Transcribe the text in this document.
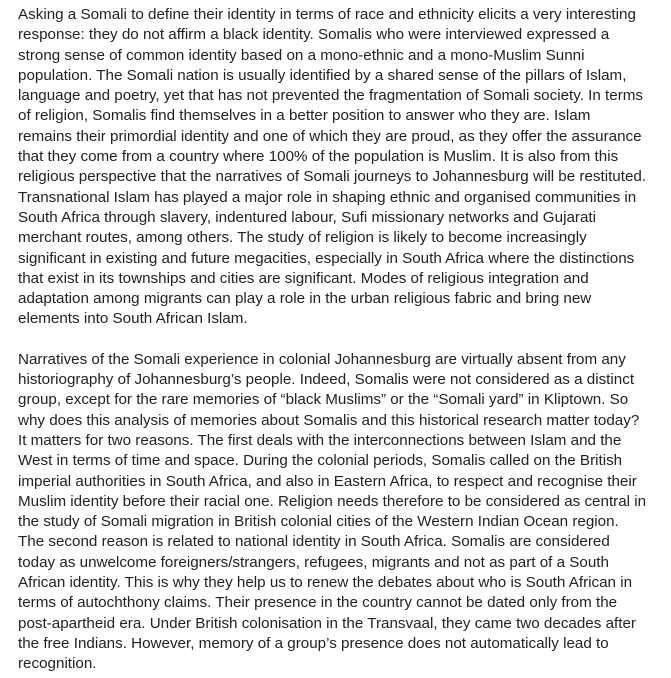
Asking a Somali to define their identity in terms of race and ethnicity elicits a very interesting response: they do not affirm a black identity. Somalis who were interviewed expressed a strong sense of common identity based on a mono-ethnic and a mono-Muslim Sunni population. The Somali nation is usually identified by a shared sense of the pillars of Islam, language and poetry, yet that has not prevented the fragmentation of Somali society. In terms of religion, Somalis find themselves in a better position to answer who they are. Islam remains their primordial identity and one of which they are proud, as they offer the assurance that they come from a country where 100% of the population is Muslim. It is also from this religious perspective that the narratives of Somali journeys to Johannesburg will be restituted. Transnational Islam has played a major role in shaping ethnic and organised communities in South Africa through slavery, indentured labour, Sufi missionary networks and Gujarati merchant routes, among others. The study of religion is likely to become increasingly significant in existing and future megacities, especially in South Africa where the distinctions that exist in its townships and cities are significant. Modes of religious integration and adaptation among migrants can play a role in the urban religious fabric and bring new elements into South African Islam.

Narratives of the Somali experience in colonial Johannesburg are virtually absent from any historiography of Johannesburg’s people. Indeed, Somalis were not considered as a distinct group, except for the rare memories of “black Muslims” or the “Somali yard” in Kliptown. So why does this analysis of memories about Somalis and this historical research matter today? It matters for two reasons. The first deals with the interconnections between Islam and the West in terms of time and space. During the colonial periods, Somalis called on the British imperial authorities in South Africa, and also in Eastern Africa, to respect and recognise their Muslim identity before their racial one. Religion needs therefore to be considered as central in the study of Somali migration in British colonial cities of the Western Indian Ocean region. The second reason is related to national identity in South Africa. Somalis are considered today as unwelcome foreigners/strangers, refugees, migrants and not as part of a South African identity. This is why they help us to renew the debates about who is South African in terms of autochthony claims. Their presence in the country cannot be dated only from the post-apartheid era. Under British colonisation in the Transvaal, they came two decades after the free Indians. However, memory of a group’s presence does not automatically lead to recognition.
